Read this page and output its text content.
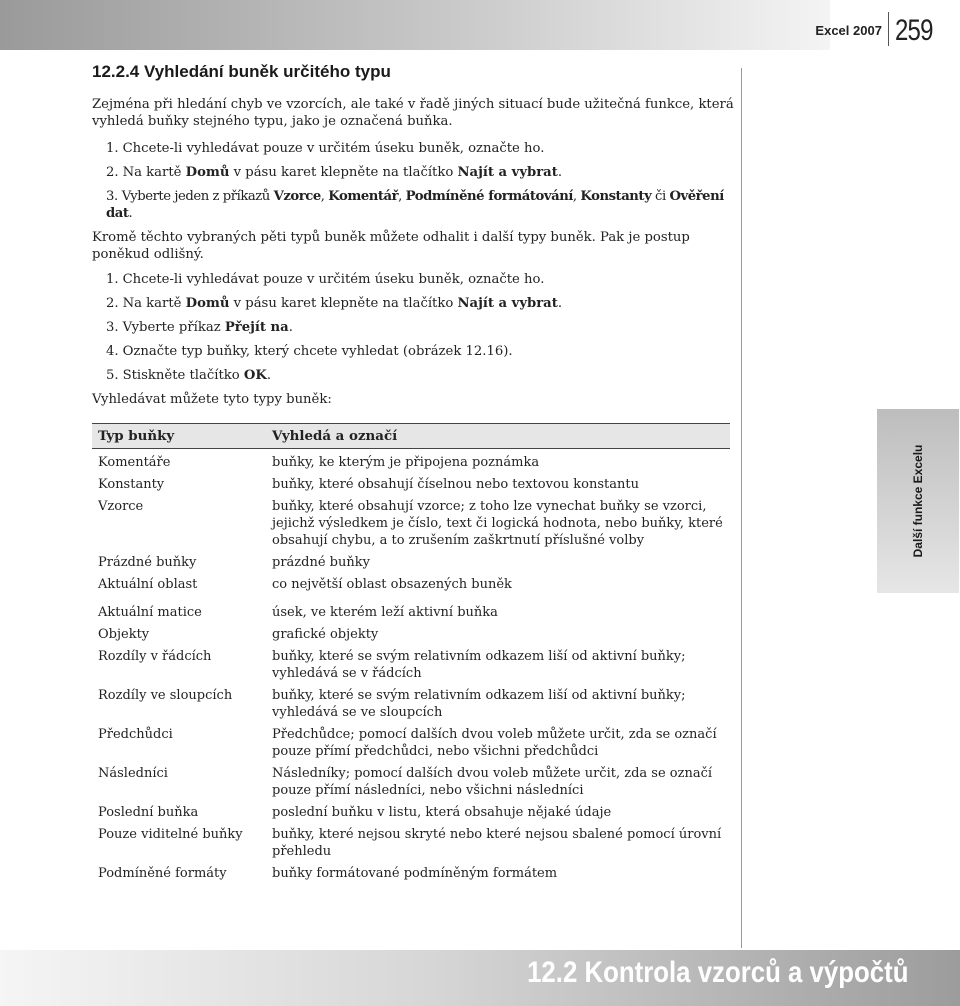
Excel 2007 259
Další funkce Excelu
12.2.4 Vyhledání buněk určitého typu

Zejména při hledání chyb ve vzorcích, ale také v řadě jiných situací bude užitečná funkce, která vyhledá buňky stejného typu, jako je označená buňka.

1. Chcete-li vyhledávat pouze v určitém úseku buněk, označte ho.
2. Na kartě Domů v pásu karet klepněte na tlačítko Najít a vybrat.
3. Vyberte jeden z příkazů Vzorce, Komentář, Podmíněné formátování, Konstanty či Ověření dat.

Kromě těchto vybraných pěti typů buněk můžete odhalit i další typy buněk. Pak je postup poněkud odlišný.

1. Chcete-li vyhledávat pouze v určitém úseku buněk, označte ho.
2. Na kartě Domů v pásu karet klepněte na tlačítko Najít a vybrat.
3. Vyberte příkaz Přejít na.
4. Označte typ buňky, který chcete vyhledat (obrázek 12.16).
5. Stiskněte tlačítko OK.

Vyhledávat můžete tyto typy buněk:

Typ buňky	Vyhledá a označí
Komentáře	buňky, ke kterým je připojena poznámka
Konstanty	buňky, které obsahují číselnou nebo textovou konstantu
Vzorce	buňky, které obsahují vzorce; z toho lze vynechat buňky se vzorci, jejichž výsledkem je číslo, text či logická hodnota, nebo buňky, které obsahují chybu, a to zrušením zaškrtnutí příslušné volby
Prázdné buňky	prázdné buňky
Aktuální oblast	co největší oblast obsazených buněk
Aktuální matice	úsek, ve kterém leží aktivní buňka
Objekty	grafické objekty
Rozdíly v řádcích	buňky, které se svým relativním odkazem liší od aktivní buňky; vyhledává se v řádcích
Rozdíly ve sloupcích	buňky, které se svým relativním odkazem liší od aktivní buňky; vyhledává se ve sloupcích
Předchůdci	Předchůdce; pomocí dalších dvou voleb můžete určit, zda se označí pouze přímí předchůdci, nebo všichni předchůdci
Následníci	Následníky; pomocí dalších dvou voleb můžete určit, zda se označí pouze přímí následníci, nebo všichni následníci
Poslední buňka	poslední buňku v listu, která obsahuje nějaké údaje
Pouze viditelné buňky	buňky, které nejsou skryté nebo které nejsou sbalené pomocí úrovní přehledu
Podmíněné formáty	buňky formátované podmíněným formátem
12.2 Kontrola vzorců a výpočtů
